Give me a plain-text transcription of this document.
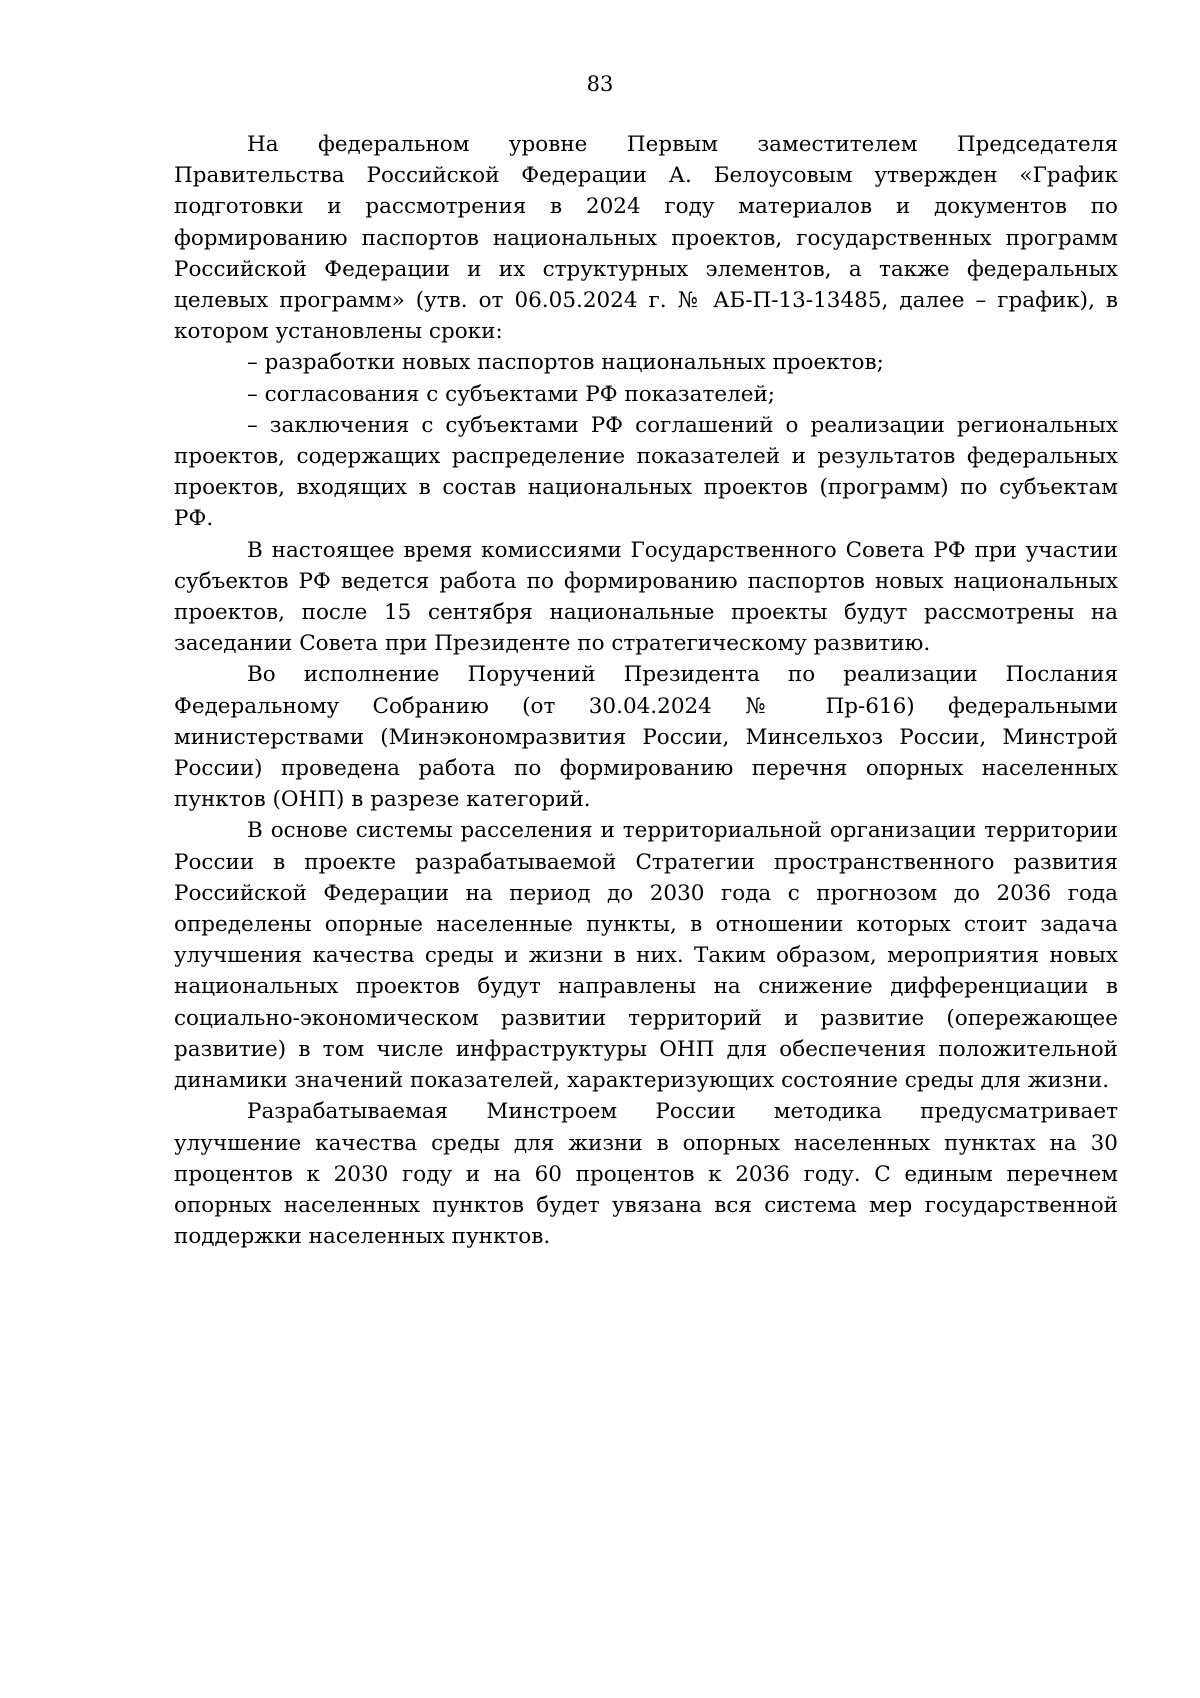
83

На федеральном уровне Первым заместителем Председателя Правительства Российской Федерации А. Белоусовым утвержден «График подготовки и рассмотрения в 2024 году материалов и документов по формированию паспортов национальных проектов, государственных программ Российской Федерации и их структурных элементов, а также федеральных целевых программ» (утв. от 06.05.2024 г. № АБ-П-13-13485, далее – график), в котором установлены сроки:

– разработки новых паспортов национальных проектов;

– согласования с субъектами РФ показателей;

– заключения с субъектами РФ соглашений о реализации региональных проектов, содержащих распределение показателей и результатов федеральных проектов, входящих в состав национальных проектов (программ) по субъектам РФ.

В настоящее время комиссиями Государственного Совета РФ при участии субъектов РФ ведется работа по формированию паспортов новых национальных проектов, после 15 сентября национальные проекты будут рассмотрены на заседании Совета при Президенте по стратегическому развитию.

Во исполнение Поручений Президента по реализации Послания Федеральному Собранию (от 30.04.2024 № Пр-616) федеральными министерствами (Минэкономразвития России, Минсельхоз России, Минстрой России) проведена работа по формированию перечня опорных населенных пунктов (ОНП) в разрезе категорий.

В основе системы расселения и территориальной организации территории России в проекте разрабатываемой Стратегии пространственного развития Российской Федерации на период до 2030 года с прогнозом до 2036 года определены опорные населенные пункты, в отношении которых стоит задача улучшения качества среды и жизни в них. Таким образом, мероприятия новых национальных проектов будут направлены на снижение дифференциации в социально-экономическом развитии территорий и развитие (опережающее развитие) в том числе инфраструктуры ОНП для обеспечения положительной динамики значений показателей, характеризующих состояние среды для жизни.

Разрабатываемая Минстроем России методика предусматривает улучшение качества среды для жизни в опорных населенных пунктах на 30 процентов к 2030 году и на 60 процентов к 2036 году. С единым перечнем опорных населенных пунктов будет увязана вся система мер государственной поддержки населенных пунктов.
